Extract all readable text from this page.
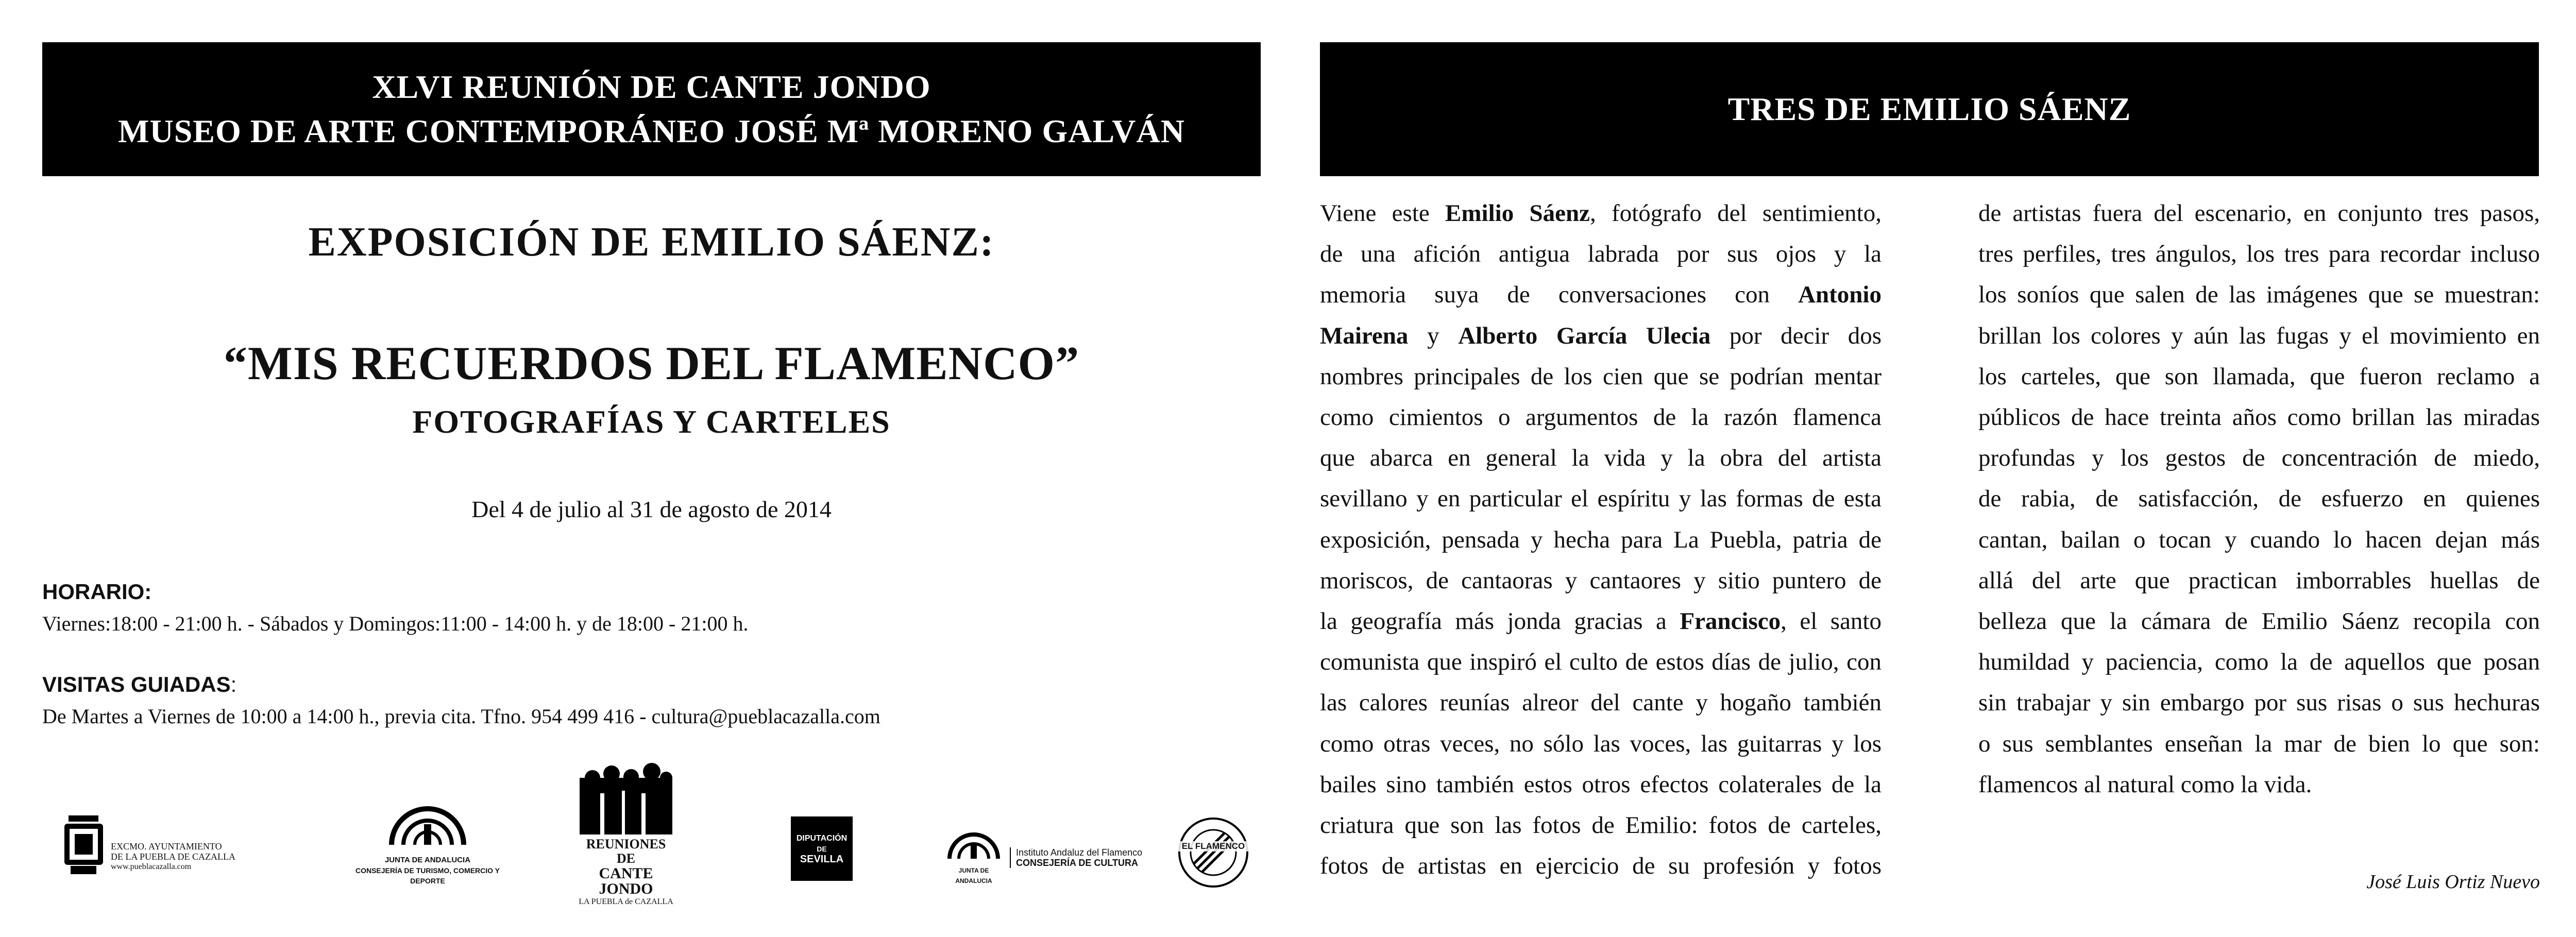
XLVI REUNIÓN DE CANTE JONDO
MUSEO DE ARTE CONTEMPORÁNEO JOSÉ Mª MORENO GALVÁN
EXPOSICIÓN DE EMILIO SÁENZ:
“MIS RECUERDOS DEL FLAMENCO”
FOTOGRAFÍAS Y CARTELES
Del 4 de julio al 31 de agosto de 2014
HORARIO:
Viernes:18:00 - 21:00 h. - Sábados y Domingos:11:00 - 14:00 h. y de 18:00 - 21:00 h.
VISITAS GUIADAS:
De Martes a Viernes de 10:00 a 14:00 h., previa cita. Tfno. 954 499 416 - cultura@pueblacazalla.com
EXCMO. AYUNTAMIENTO
DE LA PUEBLA DE CAZALLA
www.pueblacazalla.com
JUNTA DE ANDALUCIA
CONSEJERÍA DE TURISMO, COMERCIO Y DEPORTE
REUNIONES DE
CANTE JONDO
LA PUEBLA de CAZALLA
DIPUTACIÓN
DE
SEVILLA
JUNTA DE ANDALUCIA
Instituto Andaluz del Flamenco
CONSEJERÍA DE CULTURA
EL FLAMENCO
TRES DE EMILIO SÁENZ
Viene este Emilio Sáenz, fotógrafo del sentimiento,
de una afición antigua labrada por sus ojos y la
memoria suya de conversaciones con Antonio
Mairena y Alberto García Ulecia por decir dos
nombres principales de los cien que se podrían mentar
como cimientos o argumentos de la razón flamenca
que abarca en general la vida y la obra del artista
sevillano y en particular el espíritu y las formas de esta
exposición, pensada y hecha para La Puebla, patria de
moriscos, de cantaoras y cantaores y sitio puntero de
la geografía más jonda gracias a Francisco, el santo
comunista que inspiró el culto de estos días de julio, con
las calores reunías alreor del cante y hogaño también
como otras veces, no sólo las voces, las guitarras y los
bailes sino también estos otros efectos colaterales de la
criatura que son las fotos de Emilio: fotos de carteles,
fotos de artistas en ejercicio de su profesión y fotos
de artistas fuera del escenario, en conjunto tres pasos,
tres perfiles, tres ángulos, los tres para recordar incluso
los soníos que salen de las imágenes que se muestran:
brillan los colores y aún las fugas y el movimiento en
los carteles, que son llamada, que fueron reclamo a
públicos de hace treinta años como brillan las miradas
profundas y los gestos de concentración de miedo,
de rabia, de satisfacción, de esfuerzo en quienes
cantan, bailan o tocan y cuando lo hacen dejan más
allá del arte que practican imborrables huellas de
belleza que la cámara de Emilio Sáenz recopila con
humildad y paciencia, como la de aquellos que posan
sin trabajar y sin embargo por sus risas o sus hechuras
o sus semblantes enseñan la mar de bien lo que son:
flamencos al natural como la vida.
José Luis Ortiz Nuevo
